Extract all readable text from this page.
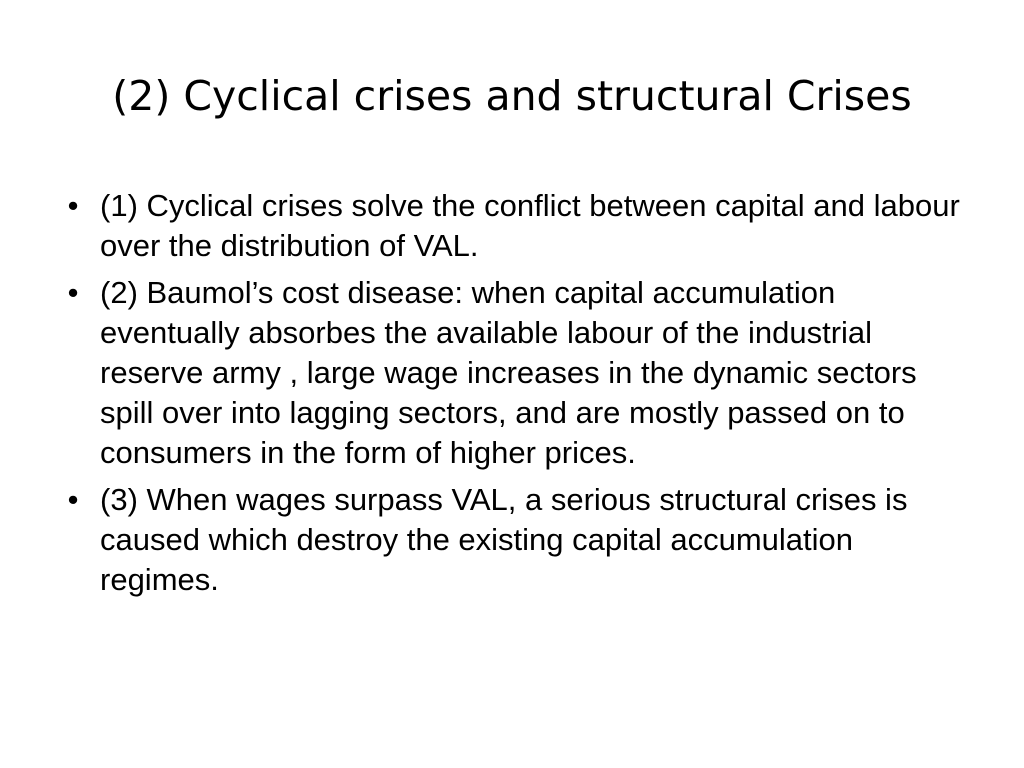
(2) Cyclical crises and structural Crises
• (1) Cyclical crises solve the conflict between capital and labour over the distribution of VAL.
• (2) Baumol’s cost disease: when capital accumulation eventually absorbes the available labour of the industrial reserve army , large wage increases in the dynamic sectors spill over into lagging sectors, and are mostly passed on to consumers in the form of higher prices.
• (3) When wages surpass VAL, a serious structural crises is caused which destroy the existing capital accumulation regimes.
